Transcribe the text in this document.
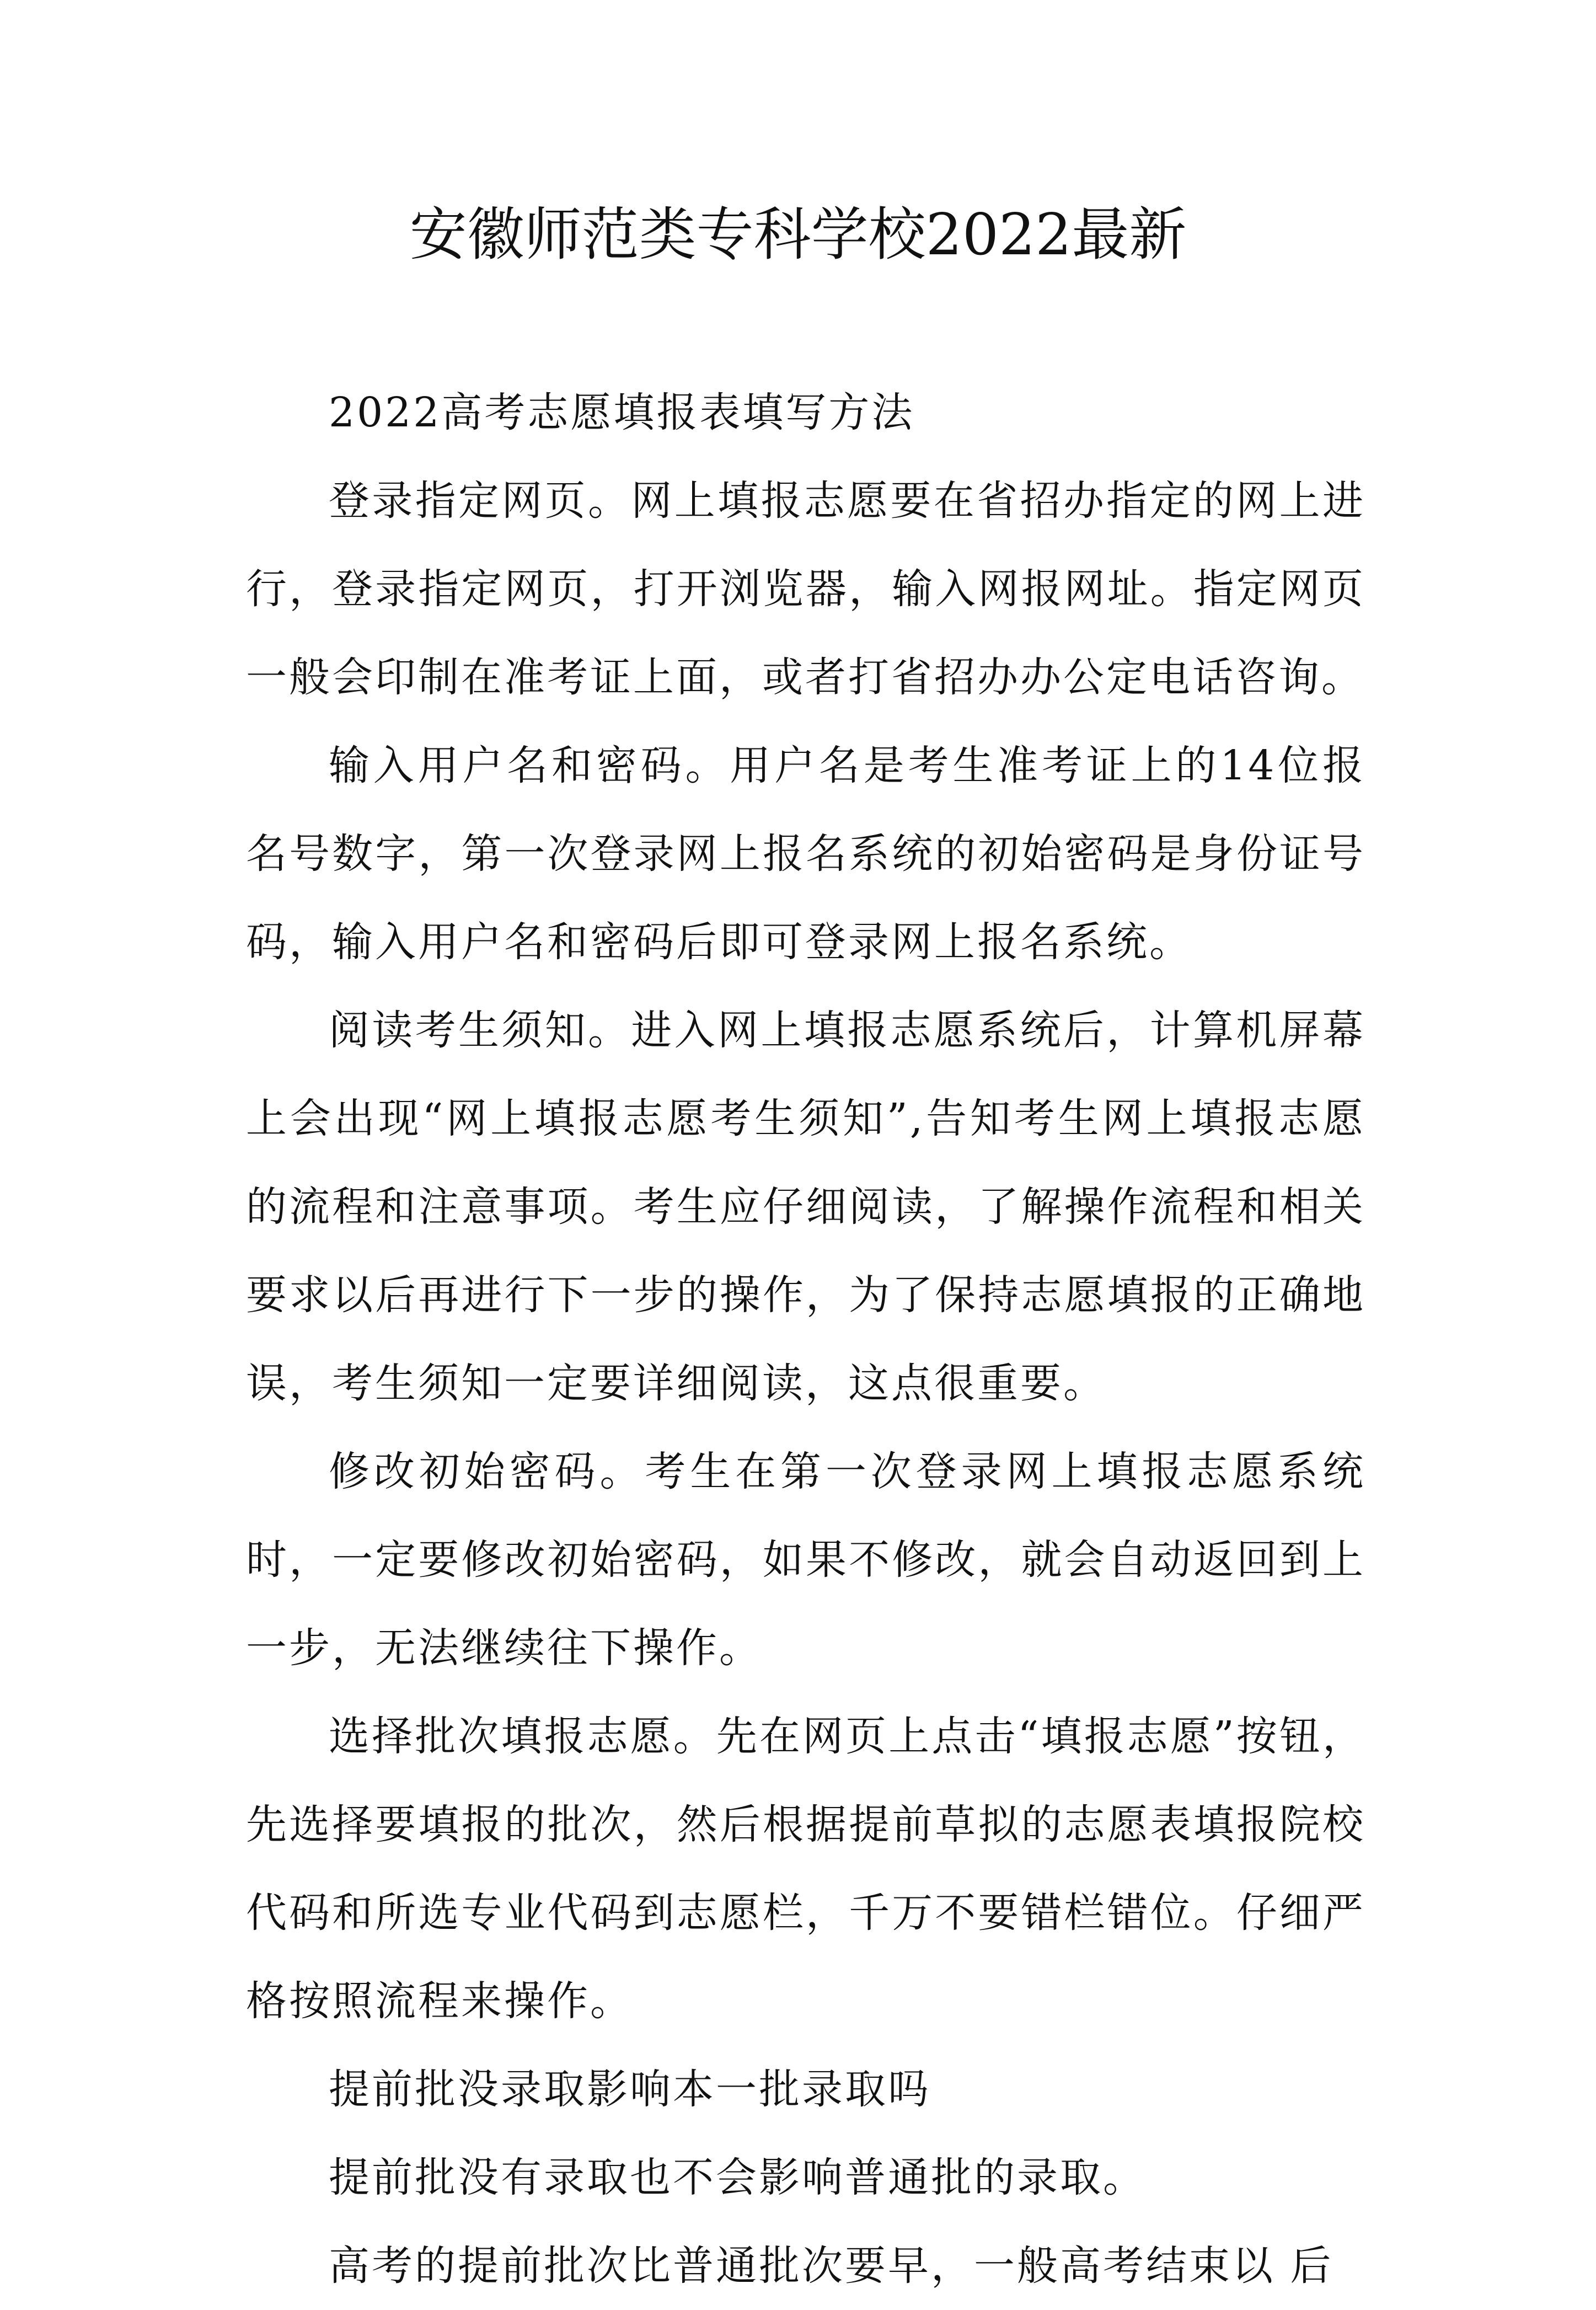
安徽师范类专科学校2022最新

2022高考志愿填报表填写方法

登录指定网页。网上填报志愿要在省招办指定的网上进行，登录指定网页，打开浏览器，输入网报网址。指定网页一般会印制在准考证上面，或者打省招办办公定电话咨询。

输入用户名和密码。用户名是考生准考证上的14位报名号数字，第一次登录网上报名系统的初始密码是身份证号码，输入用户名和密码后即可登录网上报名系统。

阅读考生须知。进入网上填报志愿系统后，计算机屏幕上会出现“网上填报志愿考生须知”,告知考生网上填报志愿的流程和注意事项。考生应仔细阅读，了解操作流程和相关要求以后再进行下一步的操作，为了保持志愿填报的正确地误，考生须知一定要详细阅读，这点很重要。

修改初始密码。考生在第一次登录网上填报志愿系统时，一定要修改初始密码，如果不修改，就会自动返回到上一步，无法继续往下操作。

选择批次填报志愿。先在网页上点击“填报志愿”按钮，先选择要填报的批次，然后根据提前草拟的志愿表填报院校代码和所选专业代码到志愿栏，千万不要错栏错位。仔细严格按照流程来操作。

提前批没录取影响本一批录取吗

提前批没有录取也不会影响普通批的录取。

高考的提前批次比普通批次要早，一般高考结束以 后
